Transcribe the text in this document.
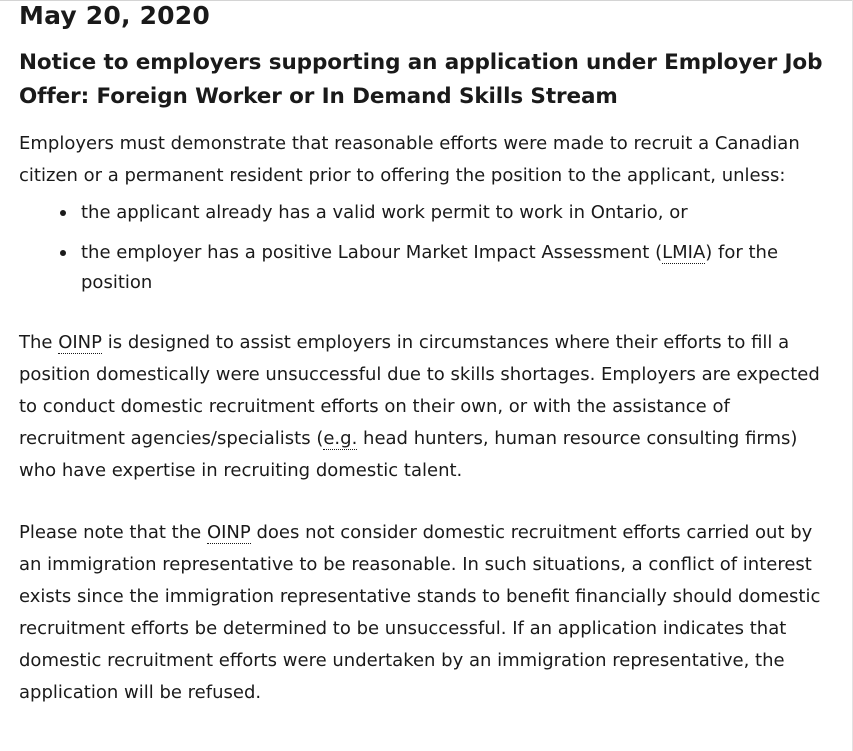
May 20, 2020
Notice to employers supporting an application under Employer Job Offer: Foreign Worker or In Demand Skills Stream

Employers must demonstrate that reasonable efforts were made to recruit a Canadian citizen or a permanent resident prior to offering the position to the applicant, unless:

the applicant already has a valid work permit to work in Ontario, or
the employer has a positive Labour Market Impact Assessment (LMIA) for the position

The OINP is designed to assist employers in circumstances where their efforts to fill a position domestically were unsuccessful due to skills shortages. Employers are expected to conduct domestic recruitment efforts on their own, or with the assistance of recruitment agencies/specialists (e.g. head hunters, human resource consulting firms) who have expertise in recruiting domestic talent.

Please note that the OINP does not consider domestic recruitment efforts carried out by an immigration representative to be reasonable. In such situations, a conflict of interest exists since the immigration representative stands to benefit financially should domestic recruitment efforts be determined to be unsuccessful. If an application indicates that domestic recruitment efforts were undertaken by an immigration representative, the application will be refused.
